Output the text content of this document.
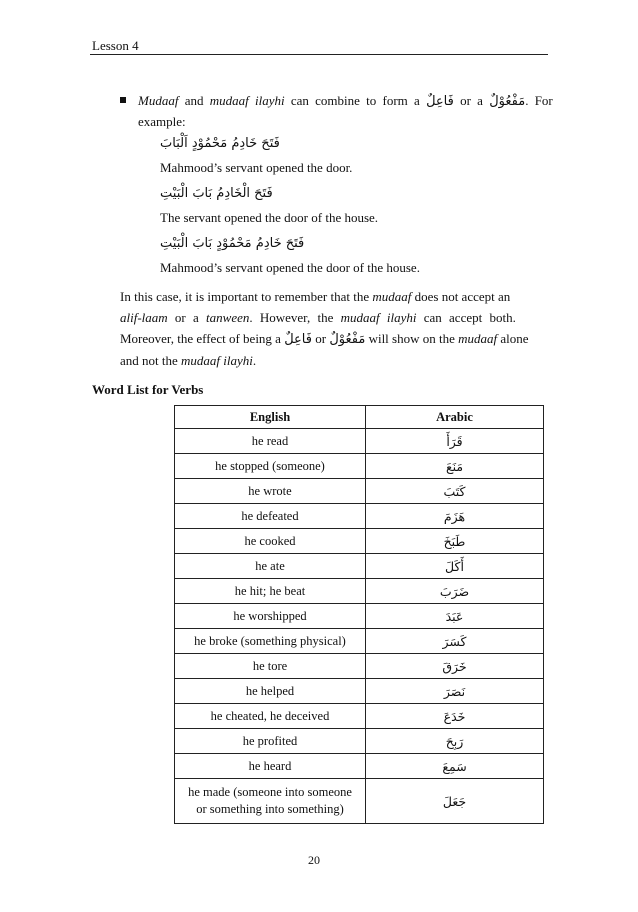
Lesson 4
Mudaaf and mudaaf ilayhi can combine to form a فَاعِلٌ or a مَفْعُوْلٌ. For
example:
فَتَحَ خَادِمُ مَحْمُوْدٍ اَلْبَابَ
Mahmood’s servant opened the door.
فَتَحَ الْخَادِمُ بَابَ الْبَيْتِ
The servant opened the door of the house.
فَتَحَ خَادِمُ مَحْمُوْدٍ بَابَ الْبَيْتِ
Mahmood’s servant opened the door of the house.
In this case, it is important to remember that the mudaaf does not accept an
alif-laam or a tanween. However, the mudaaf ilayhi can accept both.
Moreover, the effect of being a فَاعِلٌ or مَفْعُوْلٌ will show on the mudaaf alone
and not the mudaaf ilayhi.
Word List for Verbs
English	Arabic
he read	قَرَأَ
he stopped (someone)	مَنَعَ
he wrote	كَتَبَ
he defeated	هَزَمَ
he cooked	طَبَخَ
he ate	أَكَلَ
he hit; he beat	ضَرَبَ
he worshipped	عَبَدَ
he broke (something physical)	كَسَرَ
he tore	خَرَقَ
he helped	نَصَرَ
he cheated, he deceived	خَدَعَ
he profited	رَبِحَ
he heard	سَمِعَ

he made (someone into someone
or something into something)	جَعَلَ
20
